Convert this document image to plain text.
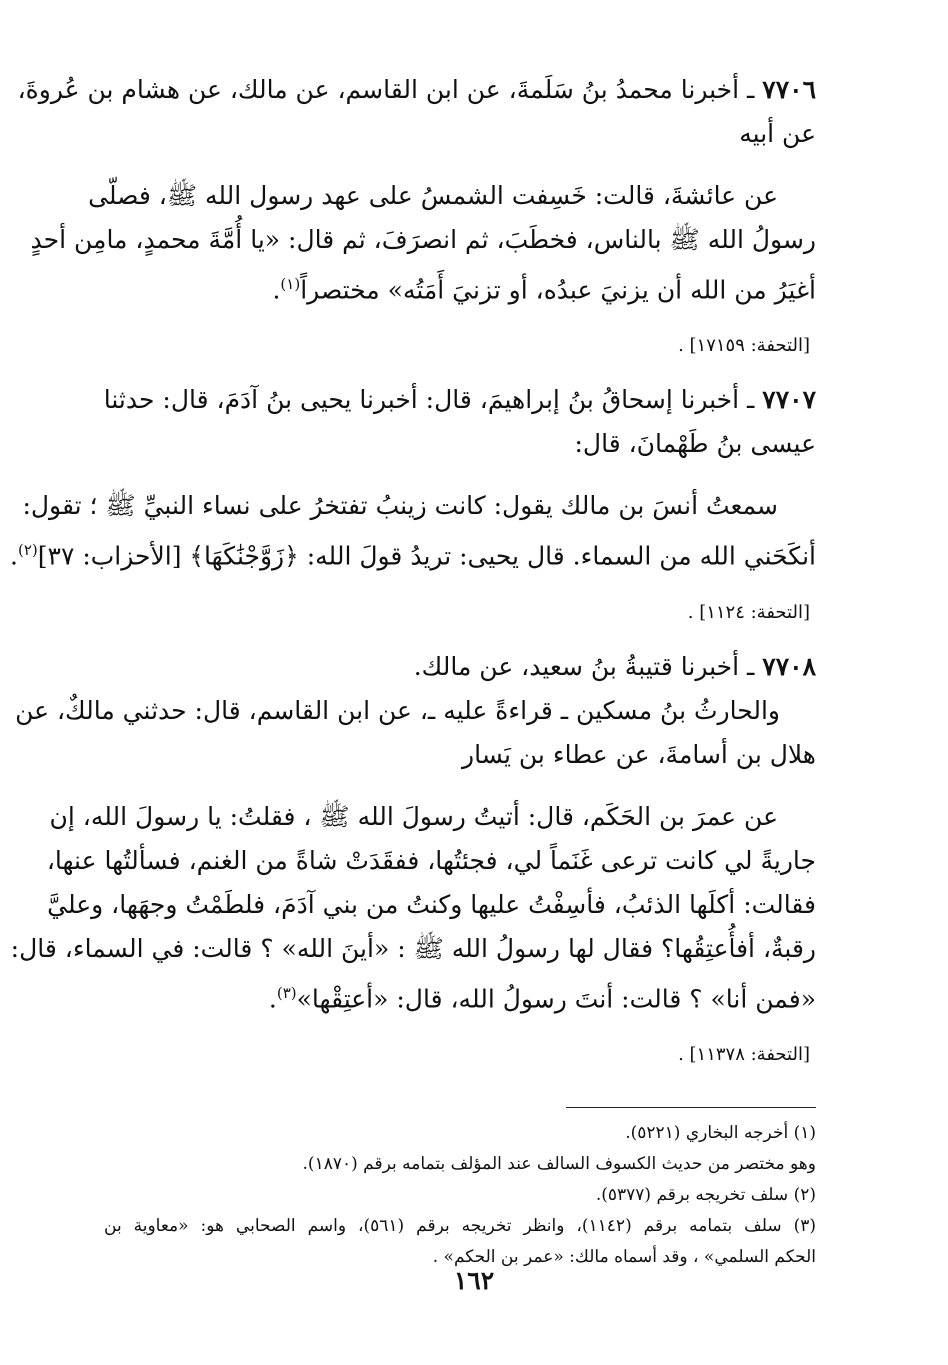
٧٧٠٦ ـ أخبرنا محمدُ بنُ سَلَمةَ، عن ابن القاسم، عن مالك، عن هشام بن عُروةَ،
عن أبيه
عن عائشةَ، قالت: خَسِفت الشمسُ على عهد رسول الله ﷺ، فصلّى
رسولُ الله ﷺ بالناس، فخطَبَ، ثم انصرَفَ، ثم قال: «يا أُمَّةَ محمدٍ، مامِن أحدٍ
أغيَرُ من الله أن يزنيَ عبدُه، أو تزنيَ أَمَتُه» مختصراً$^{(١)}$.
[التحفة: ١٧١٥٩] .
٧٧٠٧ ـ أخبرنا إسحاقُ بنُ إبراهيمَ، قال: أخبرنا يحيى بنُ آدَمَ، قال: حدثنا
عيسى بنُ طَهْمانَ، قال:
سمعتُ أنسَ بن مالك يقول: كانت زينبُ تفتخرُ على نساء النبيِّ ﷺ ؛ تقول:
أنكَحَني الله من السماء. قال يحيى: تريدُ قولَ الله: ﴿زَوَّجْنَٰكَهَا﴾ [الأحزاب: ٣٧]$^{(٢)}$.
[التحفة: ١١٢٤] .
٧٧٠٨ ـ أخبرنا قتيبةُ بنُ سعيد، عن مالك.
والحارثُ بنُ مسكين ـ قراءةً عليه ـ، عن ابن القاسم، قال: حدثني مالكٌ، عن
هلال بن أسامةَ، عن عطاء بن يَسار
عن عمرَ بن الحَكَم، قال: أتيتُ رسولَ الله ﷺ ، فقلتُ: يا رسولَ الله، إن
جاريةً لي كانت ترعى غَنَماً لي، فجئتُها، ففقَدَتْ شاةً من الغنم، فسألتُها عنها،
فقالت: أكلَها الذئبُ، فأسِفْتُ عليها وكنتُ من بني آدَمَ، فلطَمْتُ وجهَها، وعليَّ
رقبةٌ، أفأُعتِقُها؟ فقال لها رسولُ الله ﷺ : «أينَ الله» ؟ قالت: في السماء، قال:
«فمن أنا» ؟ قالت: أنتَ رسولُ الله، قال: «أعتِقْها»$^{(٣)}$.
[التحفة: ١١٣٧٨] .
(١) أخرجه البخاري (٥٢٢١).
وهو مختصر من حديث الكسوف السالف عند المؤلف بتمامه برقم (١٨٧٠).
(٢) سلف تخريجه برقم (٥٣٧٧).
(٣) سلف بتمامه برقم (١١٤٢)، وانظر تخريجه برقم (٥٦١)، واسم الصحابي هو: «معاوية بن
الحكم السلمي» ، وقد أسماه مالك: «عمر بن الحكم» .
١٦٢
